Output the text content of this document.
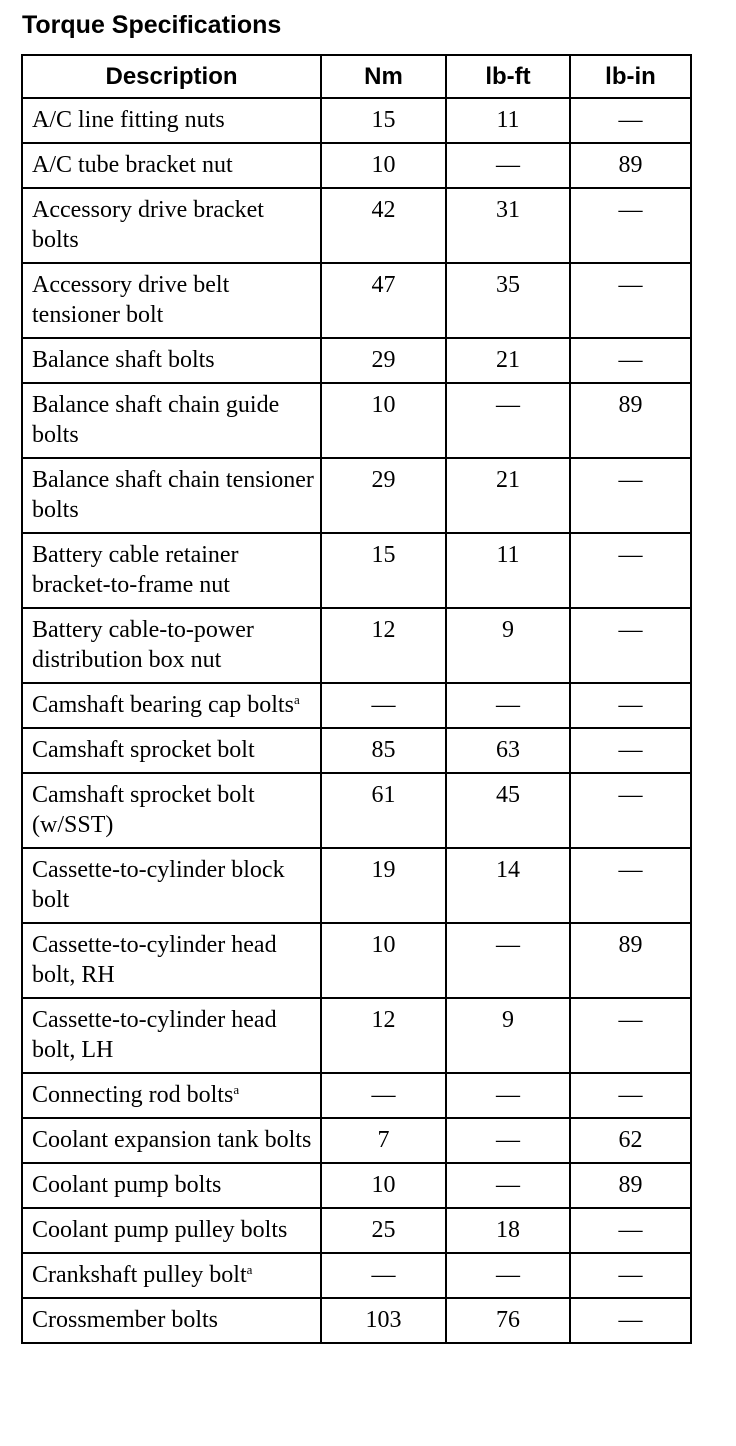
Torque Specifications
Description	Nm	lb-ft	lb-in
A/C line fitting nuts	15	11	—
A/C tube bracket nut	10	—	89
Accessory drive bracket bolts	42	31	—
Accessory drive belt tensioner bolt	47	35	—
Balance shaft bolts	29	21	—
Balance shaft chain guide bolts	10	—	89
Balance shaft chain tensioner bolts	29	21	—
Battery cable retainer bracket-to-frame nut	15	11	—
Battery cable-to-power distribution box nut	12	9	—
Camshaft bearing cap bolts$^a$	—	—	—
Camshaft sprocket bolt	85	63	—
Camshaft sprocket bolt (w/SST)	61	45	—
Cassette-to-cylinder block bolt	19	14	—
Cassette-to-cylinder head bolt, RH	10	—	89
Cassette-to-cylinder head bolt, LH	12	9	—
Connecting rod bolts$^a$	—	—	—
Coolant expansion tank bolts	7	—	62
Coolant pump bolts	10	—	89
Coolant pump pulley bolts	25	18	—
Crankshaft pulley bolt$^a$	—	—	—
Crossmember bolts	103	76	—
